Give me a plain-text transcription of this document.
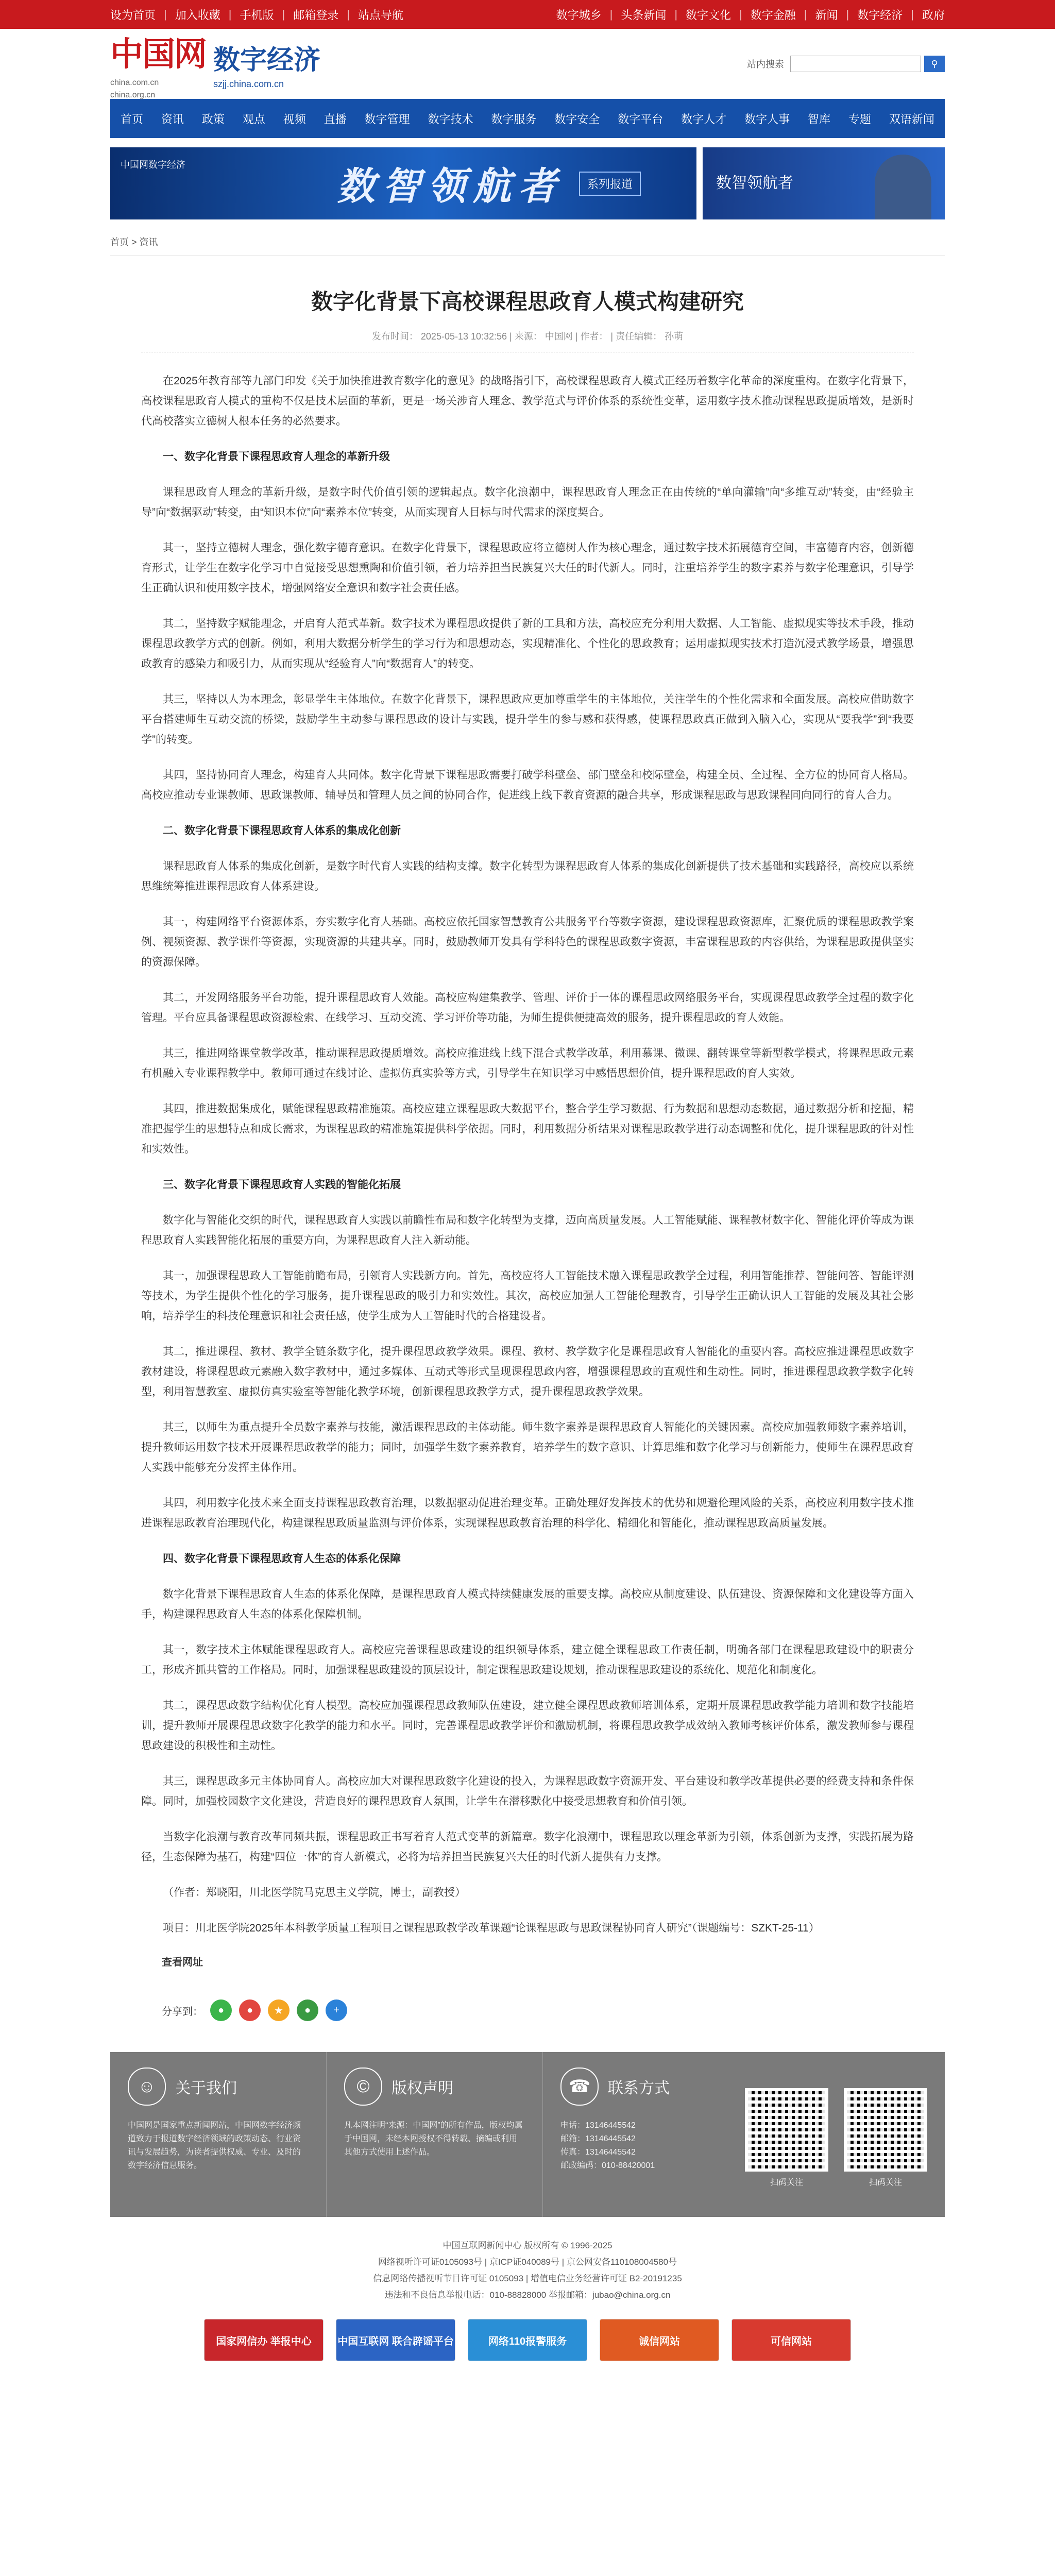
设为首页 | 加入收藏 | 手机版 | 邮箱登录 | 站点导航	数字城乡 | 头条新闻 | 数字文化 | 数字金融 | 新闻 | 数字经济 | 政府
中国网
china.com.cn
china.org.cn
数字经济
szjj.china.com.cn
站内搜索	⚲
首页 资讯 政策 观点 视频 直播 数字管理 数字技术 数字服务 数字安全 数字平台 数字人才 数字人事 智库 专题 双语新闻
中国网数字经济	数智领航者	系列报道	数智领航者
首页 > 资讯
数字化背景下高校课程思政育人模式构建研究
发布时间： 2025-05-13 10:32:56 | 来源： 中国网 | 作者： | 责任编辑： 孙萌

在2025年教育部等九部门印发《关于加快推进教育数字化的意见》的战略指引下，高校课程思政育人模式正经历着数字化革命的深度重构。在数字化背景下，高校课程思政育人模式的重构不仅是技术层面的革新，更是一场关涉育人理念、教学范式与评价体系的系统性变革，运用数字技术推动课程思政提质增效，是新时代高校落实立德树人根本任务的必然要求。

一、数字化背景下课程思政育人理念的革新升级

课程思政育人理念的革新升级，是数字时代价值引领的逻辑起点。数字化浪潮中，课程思政育人理念正在由传统的“单向灌输”向“多维互动”转变，由“经验主导”向“数据驱动”转变，由“知识本位”向“素养本位”转变，从而实现育人目标与时代需求的深度契合。

其一，坚持立德树人理念，强化数字德育意识。在数字化背景下，课程思政应将立德树人作为核心理念，通过数字技术拓展德育空间，丰富德育内容，创新德育形式，让学生在数字化学习中自觉接受思想熏陶和价值引领，着力培养担当民族复兴大任的时代新人。同时，注重培养学生的数字素养与数字伦理意识，引导学生正确认识和使用数字技术，增强网络安全意识和数字社会责任感。

其二，坚持数字赋能理念，开启育人范式革新。数字技术为课程思政提供了新的工具和方法，高校应充分利用大数据、人工智能、虚拟现实等技术手段，推动课程思政教学方式的创新。例如，利用大数据分析学生的学习行为和思想动态，实现精准化、个性化的思政教育；运用虚拟现实技术打造沉浸式教学场景，增强思政教育的感染力和吸引力，从而实现从“经验育人”向“数据育人”的转变。

其三，坚持以人为本理念，彰显学生主体地位。在数字化背景下，课程思政应更加尊重学生的主体地位，关注学生的个性化需求和全面发展。高校应借助数字平台搭建师生互动交流的桥梁，鼓励学生主动参与课程思政的设计与实践，提升学生的参与感和获得感，使课程思政真正做到入脑入心，实现从“要我学”到“我要学”的转变。

其四，坚持协同育人理念，构建育人共同体。数字化背景下课程思政需要打破学科壁垒、部门壁垒和校际壁垒，构建全员、全过程、全方位的协同育人格局。高校应推动专业课教师、思政课教师、辅导员和管理人员之间的协同合作，促进线上线下教育资源的融合共享，形成课程思政与思政课程同向同行的育人合力。

二、数字化背景下课程思政育人体系的集成化创新

课程思政育人体系的集成化创新，是数字时代育人实践的结构支撑。数字化转型为课程思政育人体系的集成化创新提供了技术基础和实践路径，高校应以系统思维统筹推进课程思政育人体系建设。

其一，构建网络平台资源体系，夯实数字化育人基础。高校应依托国家智慧教育公共服务平台等数字资源，建设课程思政资源库，汇聚优质的课程思政教学案例、视频资源、教学课件等资源，实现资源的共建共享。同时，鼓励教师开发具有学科特色的课程思政数字资源，丰富课程思政的内容供给，为课程思政提供坚实的资源保障。

其二，开发网络服务平台功能，提升课程思政育人效能。高校应构建集教学、管理、评价于一体的课程思政网络服务平台，实现课程思政教学全过程的数字化管理。平台应具备课程思政资源检索、在线学习、互动交流、学习评价等功能，为师生提供便捷高效的服务，提升课程思政的育人效能。

其三，推进网络课堂教学改革，推动课程思政提质增效。高校应推进线上线下混合式教学改革，利用慕课、微课、翻转课堂等新型教学模式，将课程思政元素有机融入专业课程教学中。教师可通过在线讨论、虚拟仿真实验等方式，引导学生在知识学习中感悟思想价值，提升课程思政的育人实效。

其四，推进数据集成化，赋能课程思政精准施策。高校应建立课程思政大数据平台，整合学生学习数据、行为数据和思想动态数据，通过数据分析和挖掘，精准把握学生的思想特点和成长需求，为课程思政的精准施策提供科学依据。同时，利用数据分析结果对课程思政教学进行动态调整和优化，提升课程思政的针对性和实效性。

三、数字化背景下课程思政育人实践的智能化拓展

数字化与智能化交织的时代，课程思政育人实践以前瞻性布局和数字化转型为支撑，迈向高质量发展。人工智能赋能、课程教材数字化、智能化评价等成为课程思政育人实践智能化拓展的重要方向，为课程思政育人注入新动能。

其一，加强课程思政人工智能前瞻布局，引领育人实践新方向。首先，高校应将人工智能技术融入课程思政教学全过程，利用智能推荐、智能问答、智能评测等技术，为学生提供个性化的学习服务，提升课程思政的吸引力和实效性。其次，高校应加强人工智能伦理教育，引导学生正确认识人工智能的发展及其社会影响，培养学生的科技伦理意识和社会责任感，使学生成为人工智能时代的合格建设者。

其二，推进课程、教材、教学全链条数字化，提升课程思政教学效果。课程、教材、教学数字化是课程思政育人智能化的重要内容。高校应推进课程思政数字教材建设，将课程思政元素融入数字教材中，通过多媒体、互动式等形式呈现课程思政内容，增强课程思政的直观性和生动性。同时，推进课程思政教学数字化转型，利用智慧教室、虚拟仿真实验室等智能化教学环境，创新课程思政教学方式，提升课程思政教学效果。

其三，以师生为重点提升全员数字素养与技能，激活课程思政的主体动能。师生数字素养是课程思政育人智能化的关键因素。高校应加强教师数字素养培训，提升教师运用数字技术开展课程思政教学的能力；同时，加强学生数字素养教育，培养学生的数字意识、计算思维和数字化学习与创新能力，使师生在课程思政育人实践中能够充分发挥主体作用。

其四，利用数字化技术来全面支持课程思政教育治理，以数据驱动促进治理变革。正确处理好发挥技术的优势和规避伦理风险的关系，高校应利用数字技术推进课程思政教育治理现代化，构建课程思政质量监测与评价体系，实现课程思政教育治理的科学化、精细化和智能化，推动课程思政高质量发展。

四、数字化背景下课程思政育人生态的体系化保障

数字化背景下课程思政育人生态的体系化保障，是课程思政育人模式持续健康发展的重要支撑。高校应从制度建设、队伍建设、资源保障和文化建设等方面入手，构建课程思政育人生态的体系化保障机制。

其一，数字技术主体赋能课程思政育人。高校应完善课程思政建设的组织领导体系，建立健全课程思政工作责任制，明确各部门在课程思政建设中的职责分工，形成齐抓共管的工作格局。同时，加强课程思政建设的顶层设计，制定课程思政建设规划，推动课程思政建设的系统化、规范化和制度化。

其二，课程思政数字结构优化育人模型。高校应加强课程思政教师队伍建设，建立健全课程思政教师培训体系，定期开展课程思政教学能力培训和数字技能培训，提升教师开展课程思政数字化教学的能力和水平。同时，完善课程思政教学评价和激励机制，将课程思政教学成效纳入教师考核评价体系，激发教师参与课程思政建设的积极性和主动性。

其三，课程思政多元主体协同育人。高校应加大对课程思政数字化建设的投入，为课程思政数字资源开发、平台建设和教学改革提供必要的经费支持和条件保障。同时，加强校园数字文化建设，营造良好的课程思政育人氛围，让学生在潜移默化中接受思想教育和价值引领。

当数字化浪潮与教育改革同频共振，课程思政正书写着育人范式变革的新篇章。数字化浪潮中，课程思政以理念革新为引领，体系创新为支撑，实践拓展为路径，生态保障为基石，构建“四位一体”的育人新模式，必将为培养担当民族复兴大任的时代新人提供有力支撑。

（作者：郑晓阳，川北医学院马克思主义学院，博士，副教授）

项目：川北医学院2025年本科教学质量工程项目之课程思政教学改革课题“论课程思政与思政课程协同育人研究”（课题编号：SZKT-25-11）

查看网址
分享到：	●	●	★	●	+
☺	关于我们
中国网是国家重点新闻网站，中国网数字经济频道致力于报道数字经济领域的政策动态、行业资讯与发展趋势，为读者提供权威、专业、及时的数字经济信息服务。
©	版权声明
凡本网注明“来源：中国网”的所有作品，版权均属于中国网，未经本网授权不得转载、摘编或利用其他方式使用上述作品。
☎	联系方式
电话：13146445542
邮箱：13146445542
传真：13146445542
邮政编码：010-88420001
扫码关注	扫码关注
中国互联网新闻中心 版权所有 © 1996-2025
网络视听许可证0105093号 | 京ICP证040089号 | 京公网安备110108004580号
信息网络传播视听节目许可证 0105093 | 增值电信业务经营许可证 B2-20191235
违法和不良信息举报电话：010-88828000 举报邮箱：jubao@china.org.cn
国家网信办 举报中心	中国互联网 联合辟谣平台	网络110报警服务	诚信网站	可信网站
